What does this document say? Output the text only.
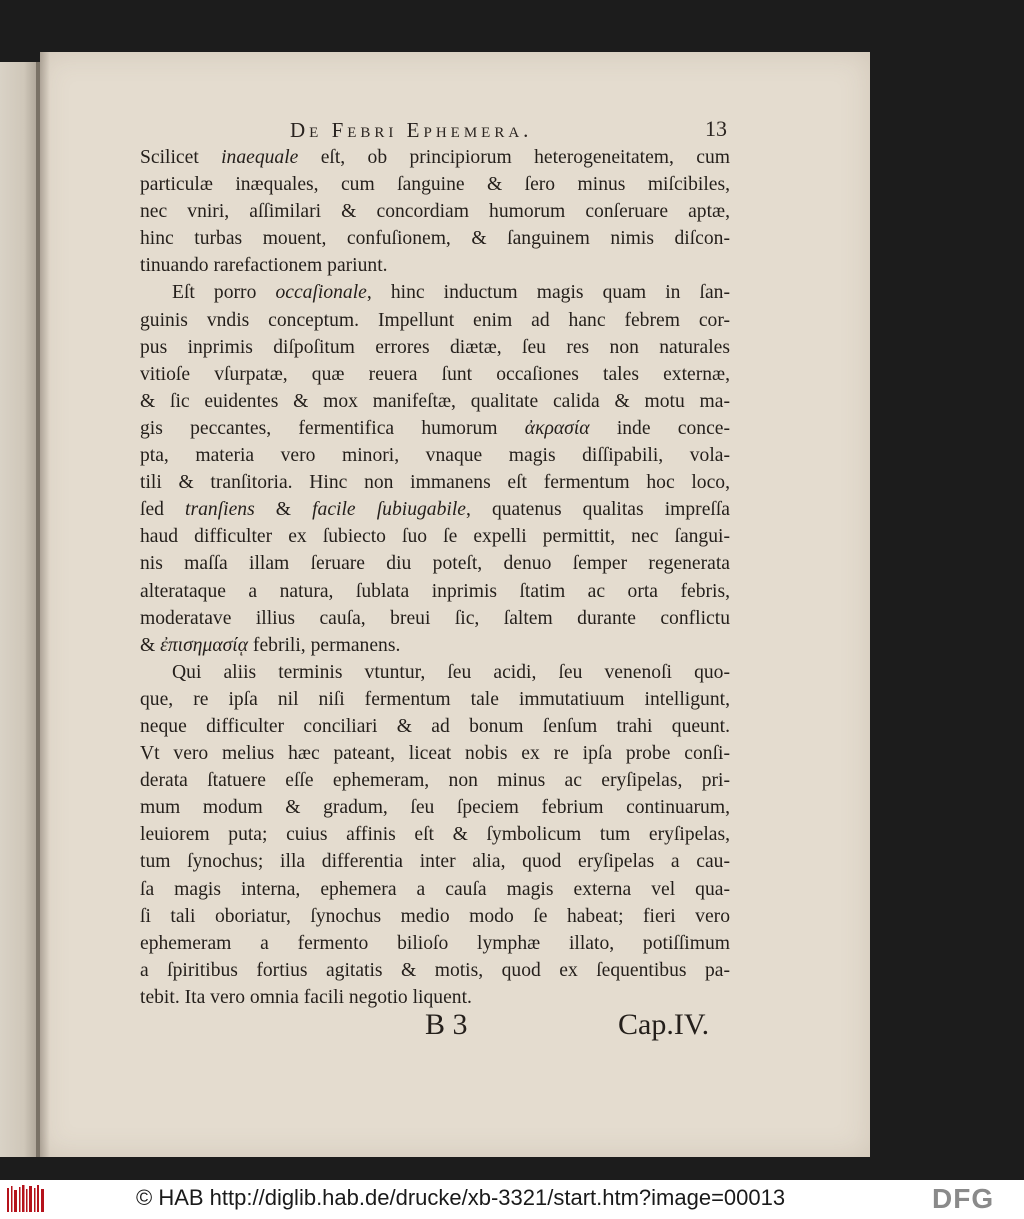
De Febri Ephemera.	13
Scilicet inaequale eſt, ob principiorum heterogeneitatem, cum
particulæ inæquales, cum ſanguine & ſero minus miſcibiles,
nec vniri, aſſimilari & concordiam humorum conſeruare aptæ,
hinc turbas mouent, confuſionem, & ſanguinem nimis diſcon-
tinuando rarefactionem pariunt.
Eſt porro occaſionale, hinc inductum magis quam in ſan-
guinis vndis conceptum. Impellunt enim ad hanc febrem cor-
pus inprimis diſpoſitum errores diætæ, ſeu res non naturales
vitioſe vſurpatæ, quæ reuera ſunt occaſiones tales externæ,
& ſic euidentes & mox manifeſtæ, qualitate calida & motu ma-
gis peccantes, fermentifica humorum ἀκρασία inde conce-
pta, materia vero minori, vnaque magis diſſipabili, vola-
tili & tranſitoria. Hinc non immanens eſt fermentum hoc loco,
ſed tranſiens & facile ſubiugabile, quatenus qualitas impreſſa
haud difficulter ex ſubiecto ſuo ſe expelli permittit, nec ſangui-
nis maſſa illam ſeruare diu poteſt, denuo ſemper regenerata
alterataque a natura, ſublata inprimis ſtatim ac orta febris,
moderatave illius cauſa, breui ſic, ſaltem durante conflictu
& ἐπισημασίᾳ febrili, permanens.
Qui aliis terminis vtuntur, ſeu acidi, ſeu venenoſi quo-
que, re ipſa nil niſi fermentum tale immutatiuum intelligunt,
neque difficulter conciliari & ad bonum ſenſum trahi queunt.
Vt vero melius hæc pateant, liceat nobis ex re ipſa probe conſi-
derata ſtatuere eſſe ephemeram, non minus ac eryſipelas, pri-
mum modum & gradum, ſeu ſpeciem febrium continuarum,
leuiorem puta; cuius affinis eſt & ſymbolicum tum eryſipelas,
tum ſynochus; illa differentia inter alia, quod eryſipelas a cau-
ſa magis interna, ephemera a cauſa magis externa vel qua-
ſi tali oboriatur, ſynochus medio modo ſe habeat; fieri vero
ephemeram a fermento bilioſo lymphæ illato, potiſſimum
a ſpiritibus fortius agitatis & motis, quod ex ſequentibus pa-
tebit. Ita vero omnia facili negotio liquent.
B 3	Cap.IV.
© HAB http://diglib.hab.de/drucke/xb-3321/start.htm?image=00013	DFG
